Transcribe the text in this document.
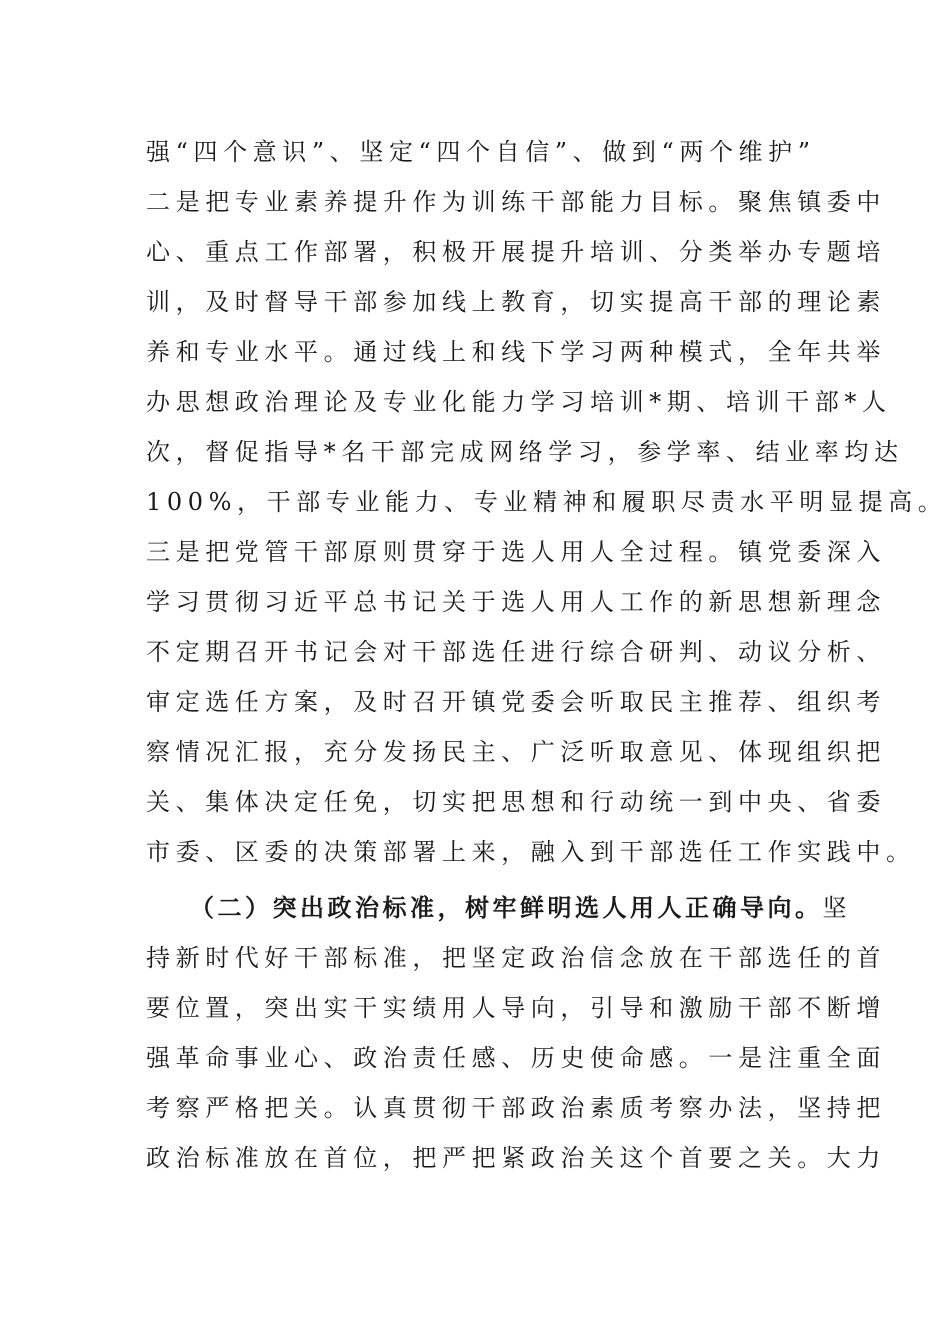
强“四个意识”、坚定“四个自信”、做到“两个维护”

二是把专业素养提升作为训练干部能力目标。聚焦镇委中

心、重点工作部署，积极开展提升培训、分类举办专题培

训，及时督导干部参加线上教育，切实提高干部的理论素

养和专业水平。通过线上和线下学习两种模式，全年共举

办思想政治理论及专业化能力学习培训*期、培训干部*人

次，督促指导*名干部完成网络学习，参学率、结业率均达

100%，干部专业能力、专业精神和履职尽责水平明显提高。

三是把党管干部原则贯穿于选人用人全过程。镇党委深入

学习贯彻习近平总书记关于选人用人工作的新思想新理念

不定期召开书记会对干部选任进行综合研判、动议分析、

审定选任方案，及时召开镇党委会听取民主推荐、组织考

察情况汇报，充分发扬民主、广泛听取意见、体现组织把

关、集体决定任免，切实把思想和行动统一到中央、省委

市委、区委的决策部署上来，融入到干部选任工作实践中。

（二）突出政治标准，树牢鲜明选人用人正确导向。坚

持新时代好干部标准，把坚定政治信念放在干部选任的首

要位置，突出实干实绩用人导向，引导和激励干部不断增

强革命事业心、政治责任感、历史使命感。一是注重全面

考察严格把关。认真贯彻干部政治素质考察办法，坚持把

政治标准放在首位，把严把紧政治关这个首要之关。大力
